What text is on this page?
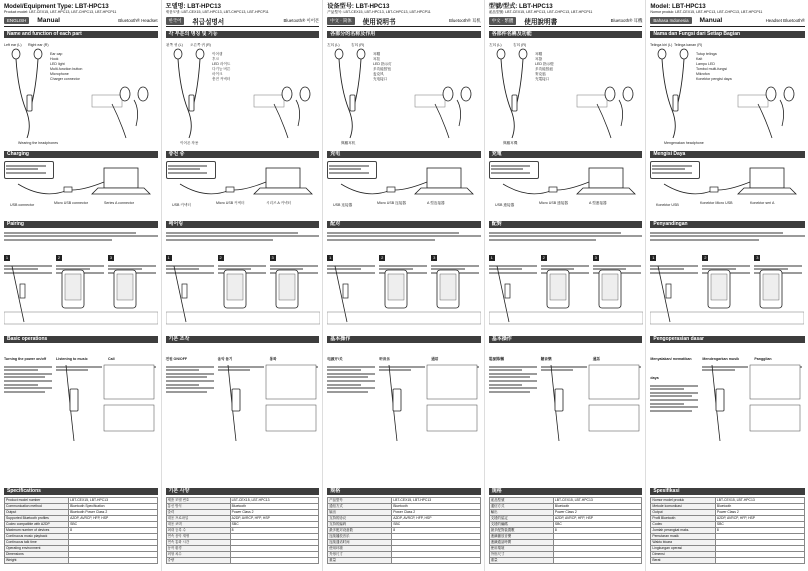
Model/Equipment Type: LBT-HPC13
Product model: LBT-CEX15, LBT-HPC13, LBT-CHPC13, LBT-HPCP11
ENGLISH	Manual	Bluetooth® Headset
Name and function of each part
Left ear (L) Right ear (R)
Ear cap
Hook
LED light
Multi-function button
Microphone
Charger connector
Wearing the headphones
Charging
USB connector	Micro USB connector	Series A connector
Pairing
1	2	3
Basic operations
Turning the power on/off	Listening to music	Call
Specifications
Product model number	LBT-CEX15, LBT-HPC13
Communication method	Bluetooth Specification
Output	Bluetooth Power Class 2
Supported Bluetooth profiles	A2DP, AVRCP, HFP, HSP
Codec compatible with A2DP	SBC
Maximum number of devices	8
Continuous music playback	
Continuous talk time	
Operating environment	
Dimensions	
Weight	
모델명: LBT-HPC13
제품모델: LBT-CEX15, LBT-HPC13, LBT-CHPC13, LBT-HPCP11
한국어	취급설명서	Bluetooth® 이어폰
각 부분의 명칭 및 기능
왼쪽 귀 (L) 오른쪽 귀 (R)
이어캡
후크
LED 라이트
다기능 버튼
마이크
충전 커넥터
이어폰 착용
충전 중
USB 커넥터	Micro USB 커넥터	시리즈 A 커넥터
페어링
1	2	3
기본 조작
전원 ON/OFF	음악 듣기	통화
기본 사양
제품 모델 번호	LBT-CEX15, LBT-HPC13
통신 방식	Bluetooth
출력	Power Class 2
대응 프로파일	A2DP, AVRCP, HFP, HSP
대응 코덱	SBC
최대 등록 수	8
연속 음악 재생	
연속 통화 시간	
동작 환경	
외형 치수	
중량	
设备型号: LBT-HPC13
产品型号: LBT-CEX15, LBT-HPC13, LBT-CHPC13, LBT-HPCP11
中文 · 简体	使用说明书	Bluetooth® 耳机
各部分的名称及作用
左耳 (L)	右耳 (R)
耳帽
耳挂
LED 指示灯
多功能按钮
麦克风
充电接口
佩戴耳机
充电
USB 连接器	Micro USB 连接器	A 型连接器
配对
1	2	3
基本操作
电源开/关	听音乐	通话
规格
产品型号	LBT-CEX15, LBT-HPC13
通信方式	Bluetooth
输出	Power Class 2
支持的协议	A2DP, AVRCP, HFP, HSP
支持的编码	SBC
最多配对设备数	8
连续播放音乐	
连续通话时间	
使用环境	
外形尺寸	
重量	
型號/型式: LBT-HPC13
產品型號: LBT-CEX15, LBT-HPC13, LBT-CHPC13, LBT-HPCP11
中文 · 繁體	使用說明書	Bluetooth® 耳機
各部件名稱及功能
左耳 (L)	右耳 (R)
耳帽
耳掛
LED 指示燈
多功能按鈕
麥克風
充電接口
佩戴耳機
充電
USB 連接器	Micro USB 連接器	A 型連接器
配對
1	2	3
基本操作
電源開/關	聽音樂	通話
規格
產品型號	LBT-CEX15, LBT-HPC13
通信方式	Bluetooth
輸出	Power Class 2
支援的協定	A2DP, AVRCP, HFP, HSP
支援的編碼	SBC
最多配對裝置數	8
連續播放音樂	
連續通話時間	
使用環境	
外形尺寸	
重量	
Model: LBT-HPC13
Nomor produk: LBT-CEX15, LBT-HPC13, LBT-CHPC13, LBT-HPCP11
Bahasa Indonesia	Manual	Headset Bluetooth®
Nama dan Fungsi dari Setiap Bagian
Telinga kiri (L) Telinga kanan (R)
Tutup telinga
Kait
Lampu LED
Tombol multi-fungsi
Mikrofon
Konektor pengisi daya
Mengenakan headphone
Mengisi Daya
Konektor USB	Konektor Micro USB	Konektor seri A
Penyandingan
1	2	3
Pengoperasian dasar
Menyalakan/ mematikan daya
Mendengarkan musik	Panggilan
Spesifikasi
Nomor model produk	LBT-CEX15, LBT-HPC13
Metode komunikasi	Bluetooth
Output	Power Class 2
Profil Bluetooth	A2DP, AVRCP, HFP, HSP
Codec	SBC
Jumlah perangkat maks.	8
Pemutaran musik	
Waktu bicara	
Lingkungan operasi	
Dimensi	
Berat	
